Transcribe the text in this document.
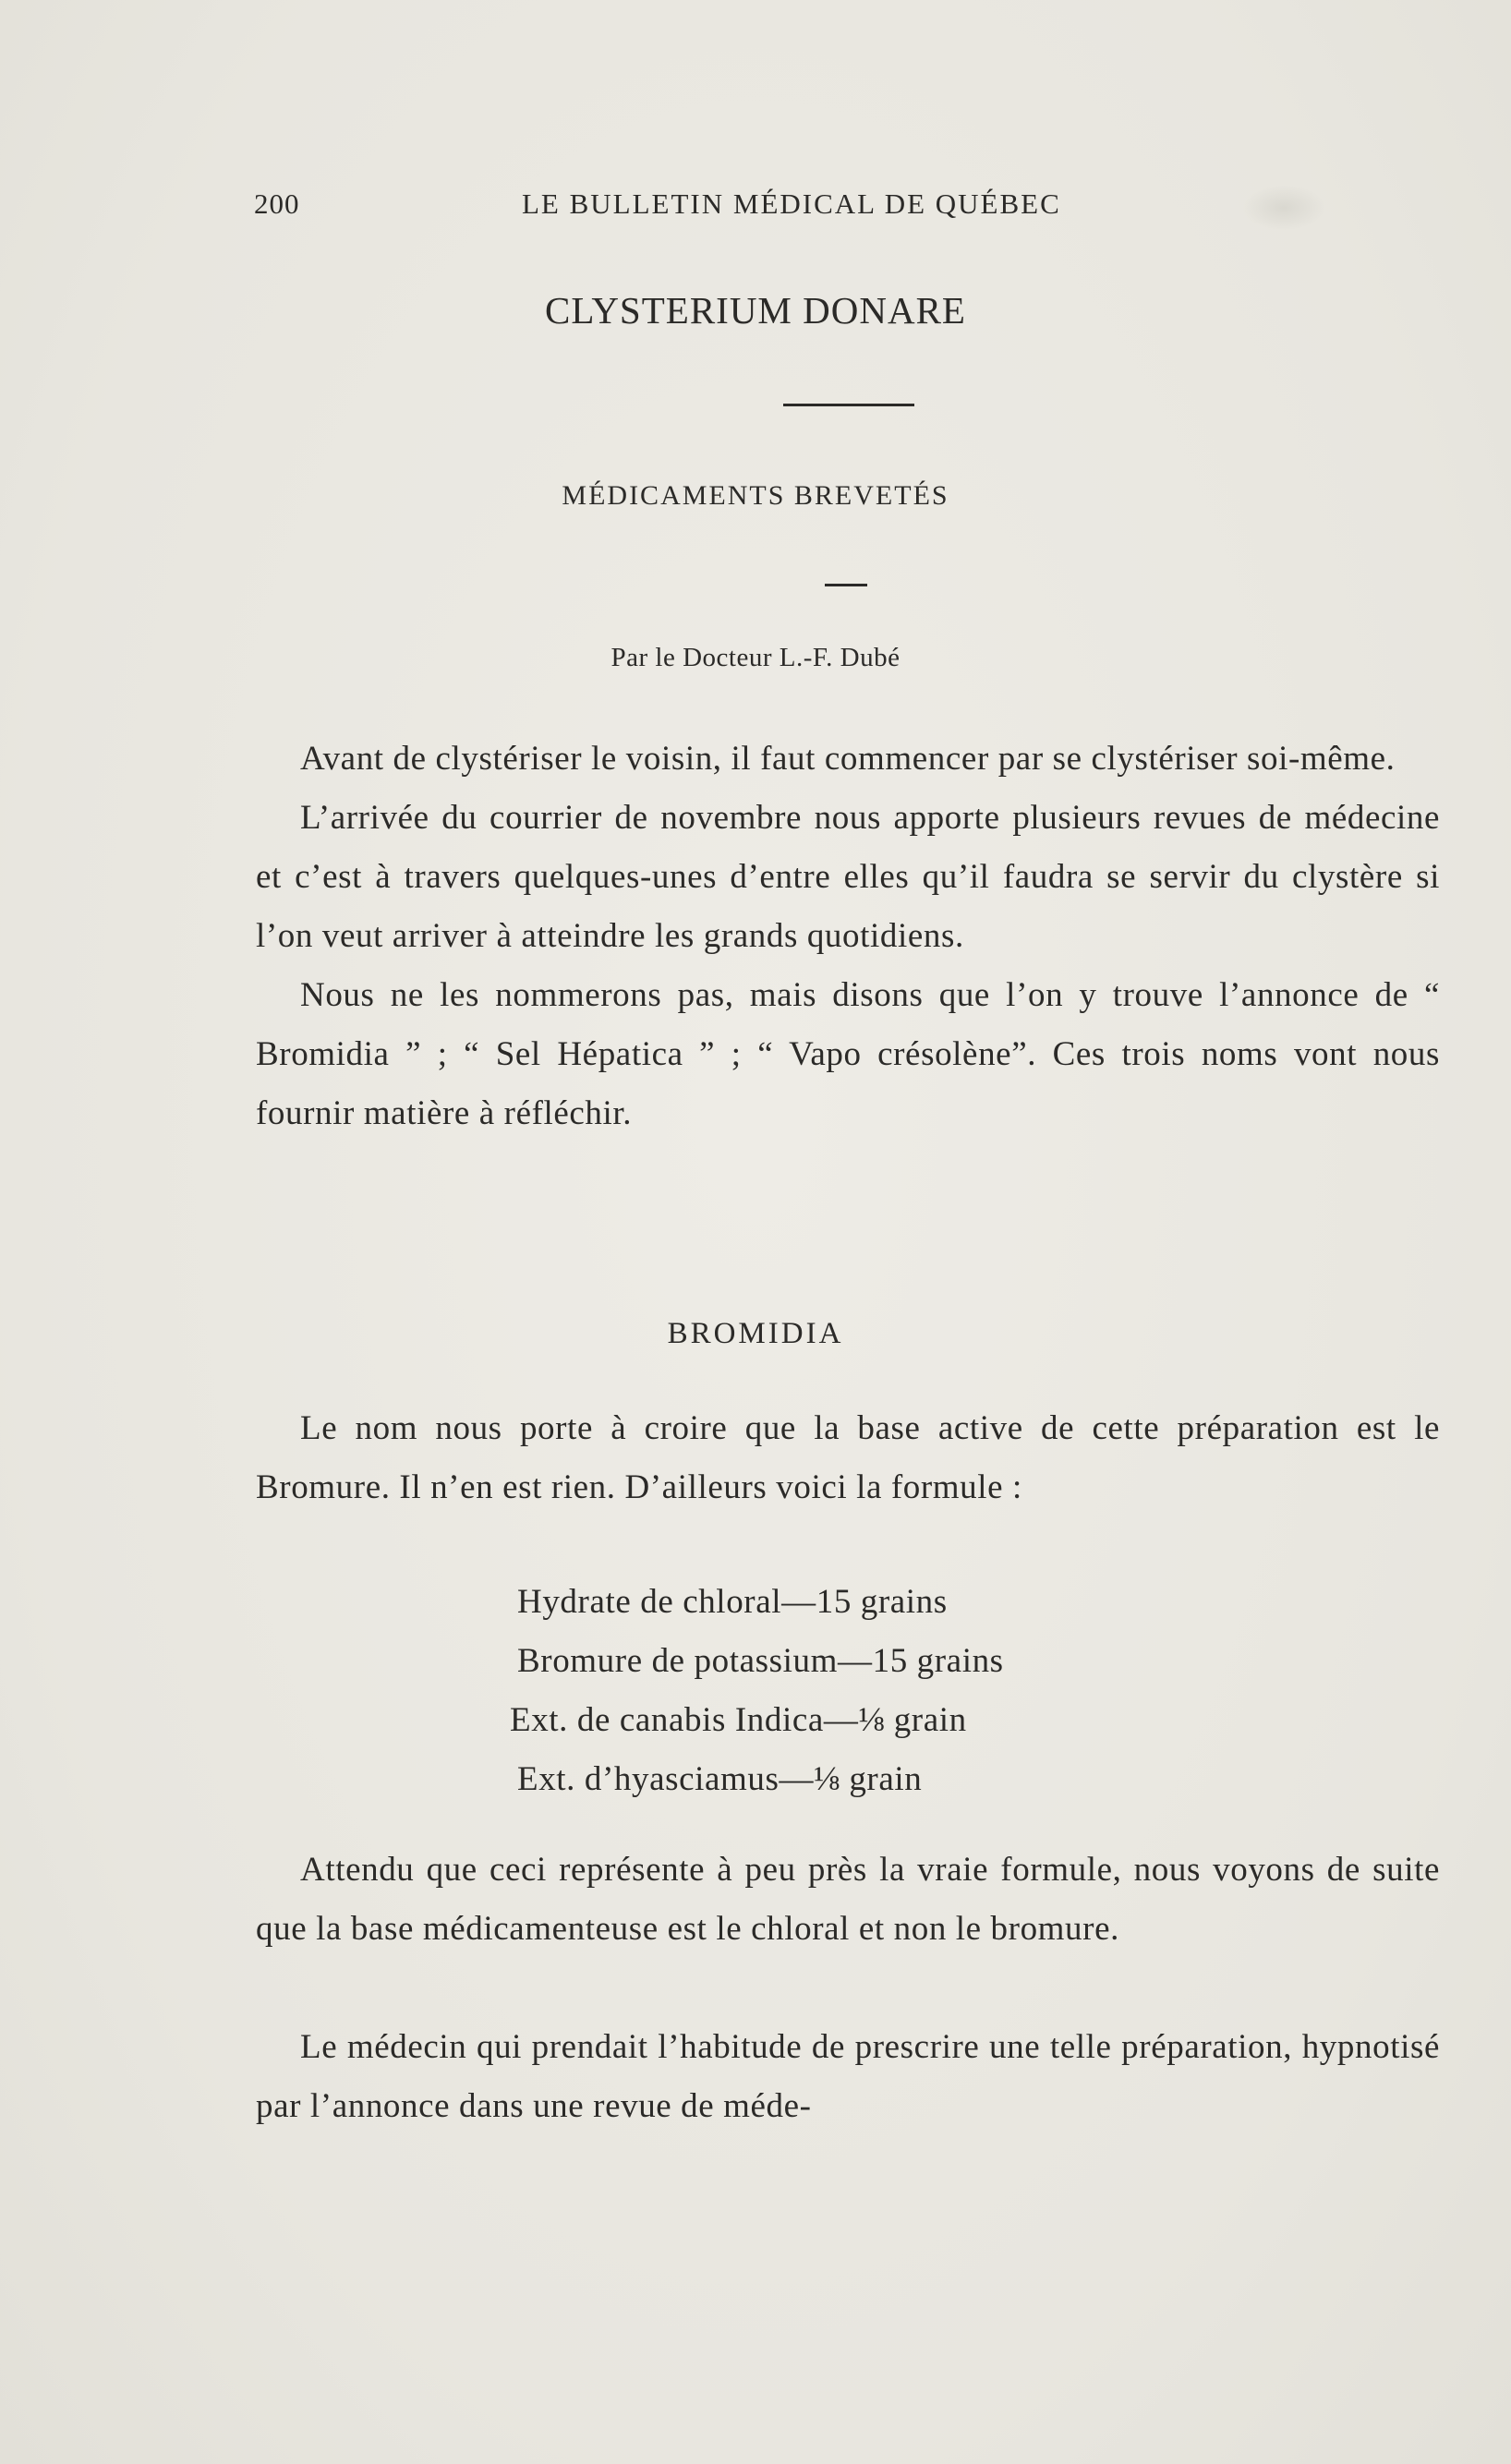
200	LE BULLETIN MÉDICAL DE QUÉBEC
CLYSTERIUM DONARE
MÉDICAMENTS BREVETÉS
Par le Docteur L.-F. Dubé

Avant de clystériser le voisin, il faut commencer par se clystériser soi-même.

L’arrivée du courrier de novembre nous apporte plusieurs revues de médecine et c’est à travers quelques-unes d’entre elles qu’il faudra se servir du clystère si l’on veut arriver à atteindre les grands quotidiens.

Nous ne les nommerons pas, mais disons que l’on y trouve l’annonce de “ Bromidia ” ; “ Sel Hépatica ” ; “ Vapo crésolène”. Ces trois noms vont nous fournir matière à réfléchir.

BROMIDIA

Le nom nous porte à croire que la base active de cette préparation est le Bromure. Il n’en est rien. D’ailleurs voici la formule :

Hydrate de chloral—15 grains
Bromure de potassium—15 grains
Ext. de canabis Indica—⅛ grain
Ext. d’hyasciamus—⅛ grain

Attendu que ceci représente à peu près la vraie formule, nous voyons de suite que la base médicamenteuse est le chloral et non le bromure.

Le médecin qui prendait l’habitude de prescrire une telle préparation, hypnotisé par l’annonce dans une revue de méde-
